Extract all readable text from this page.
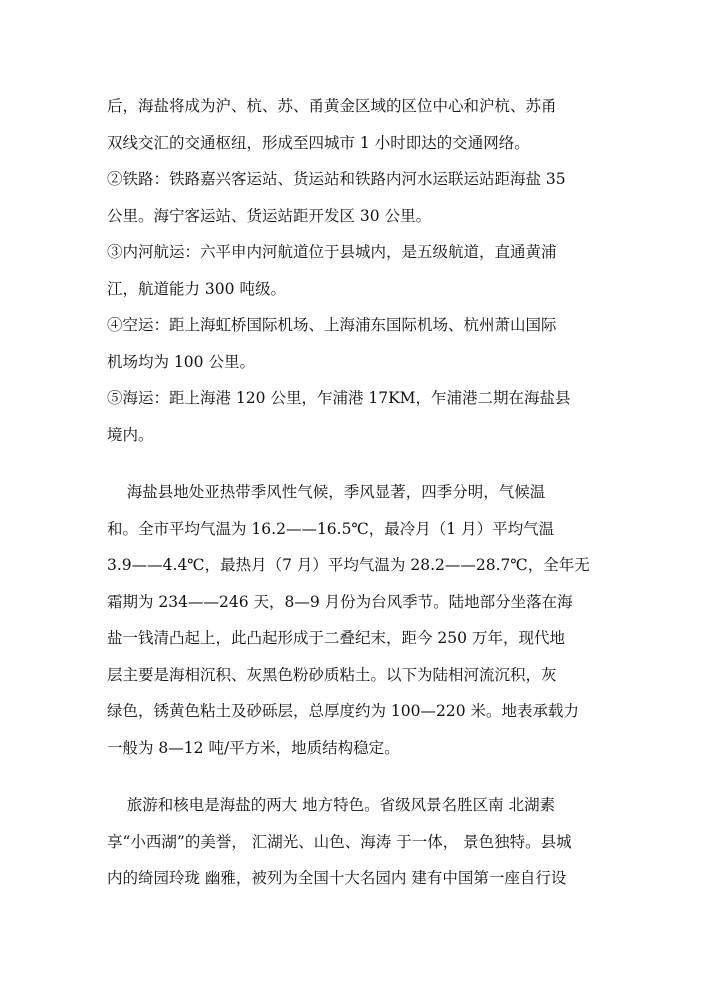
后，海盐将成为沪、杭、苏、甬黄金区域的区位中心和沪杭、苏甬
双线交汇的交通枢纽，形成至四城市 1 小时即达的交通网络。
②铁路：铁路嘉兴客运站、货运站和铁路内河水运联运站距海盐 35
公里。海宁客运站、货运站距开发区 30 公里。
③内河航运：六平申内河航道位于县城内，是五级航道，直通黄浦
江，航道能力 300 吨级。
④空运：距上海虹桥国际机场、上海浦东国际机场、杭州萧山国际
机场均为 100 公里。
⑤海运：距上海港 120 公里，乍浦港 17KM，乍浦港二期在海盐县
境内。
海盐县地处亚热带季风性气候，季风显著，四季分明，气候温
和。全市平均气温为 16.2——16.5℃，最冷月（1 月）平均气温
3.9——4.4℃，最热月（7 月）平均气温为 28.2——28.7℃，全年无
霜期为 234——246 天，8—9 月份为台风季节。陆地部分坐落在海
盐一钱清凸起上，此凸起形成于二叠纪末，距今 250 万年，现代地
层主要是海相沉积、灰黑色粉砂质粘土。以下为陆相河流沉积，灰
绿色，锈黄色粘土及砂砾层，总厚度约为 100—220 米。地表承载力
一般为 8—12 吨/平方米，地质结构稳定。
旅游和核电是海盐的两大 地方特色。省级风景名胜区南 北湖素
享“小西湖”的美誉， 汇湖光、山色、海涛 于一体， 景色独特。县城
内的绮园玲珑 幽雅，被列为全国十大名园内 建有中国第一座自行设
